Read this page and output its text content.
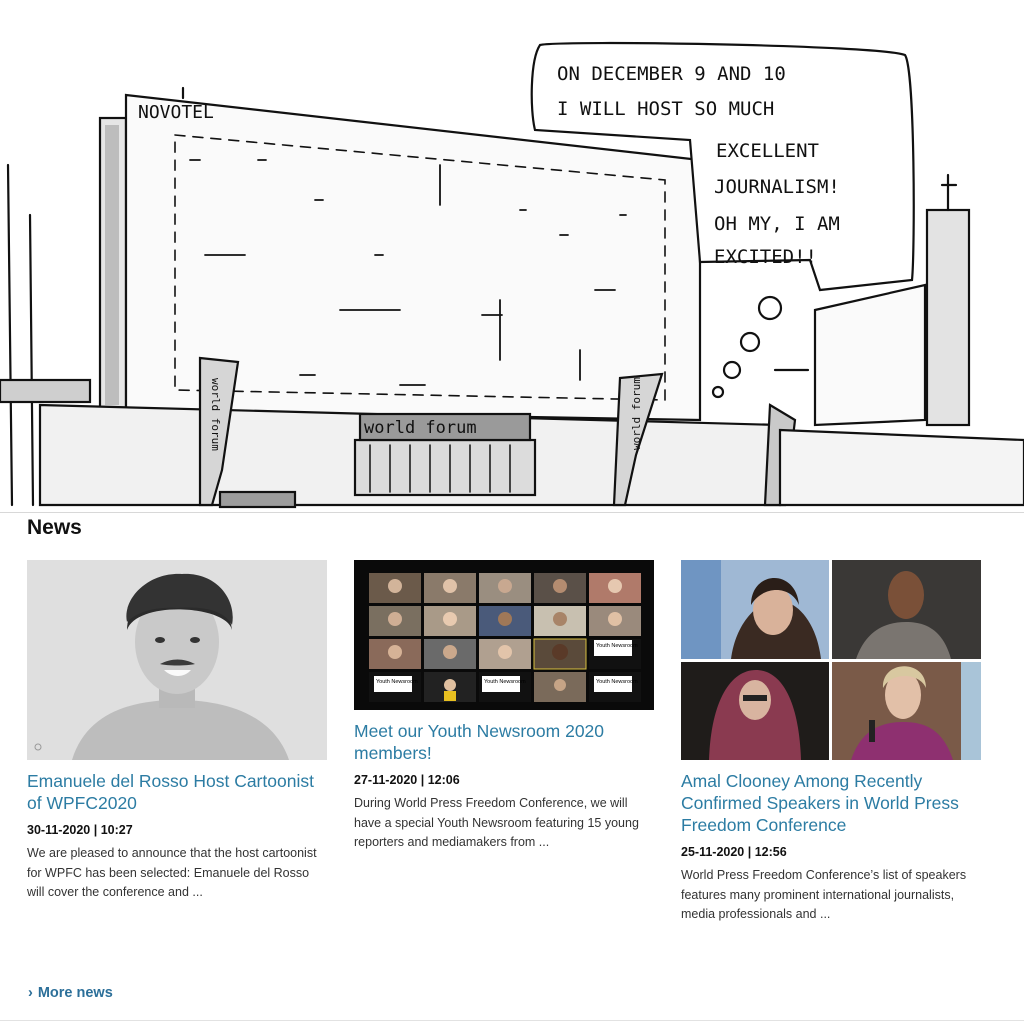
NOVOTEL
world forum
world forum	world forum
ON DECEMBER 9 AND 10
I WILL HOST SO MUCH
EXCELLENT
JOURNALISM!
OH MY, I AM
EXCITED!!
News
Emanuele del Rosso Host Cartoonist of WPFC2020
30-11-2020 | 10:27
We are pleased to announce that the host cartoonist for WPFC has been selected: Emanuele del Rosso will cover the conference and ...
Youth Newsroom
Youth Newsroom	Youth Newsroom	Youth Newsroom
Meet our Youth Newsroom 2020 members!
27-11-2020 | 12:06
During World Press Freedom Conference, we will have a special Youth Newsroom featuring 15 young reporters and mediamakers from ...
Amal Clooney Among Recently Confirmed Speakers in World Press Freedom Conference
25-11-2020 | 12:56
World Press Freedom Conference’s list of speakers features many prominent international journalists, media professionals and ...
› More news
